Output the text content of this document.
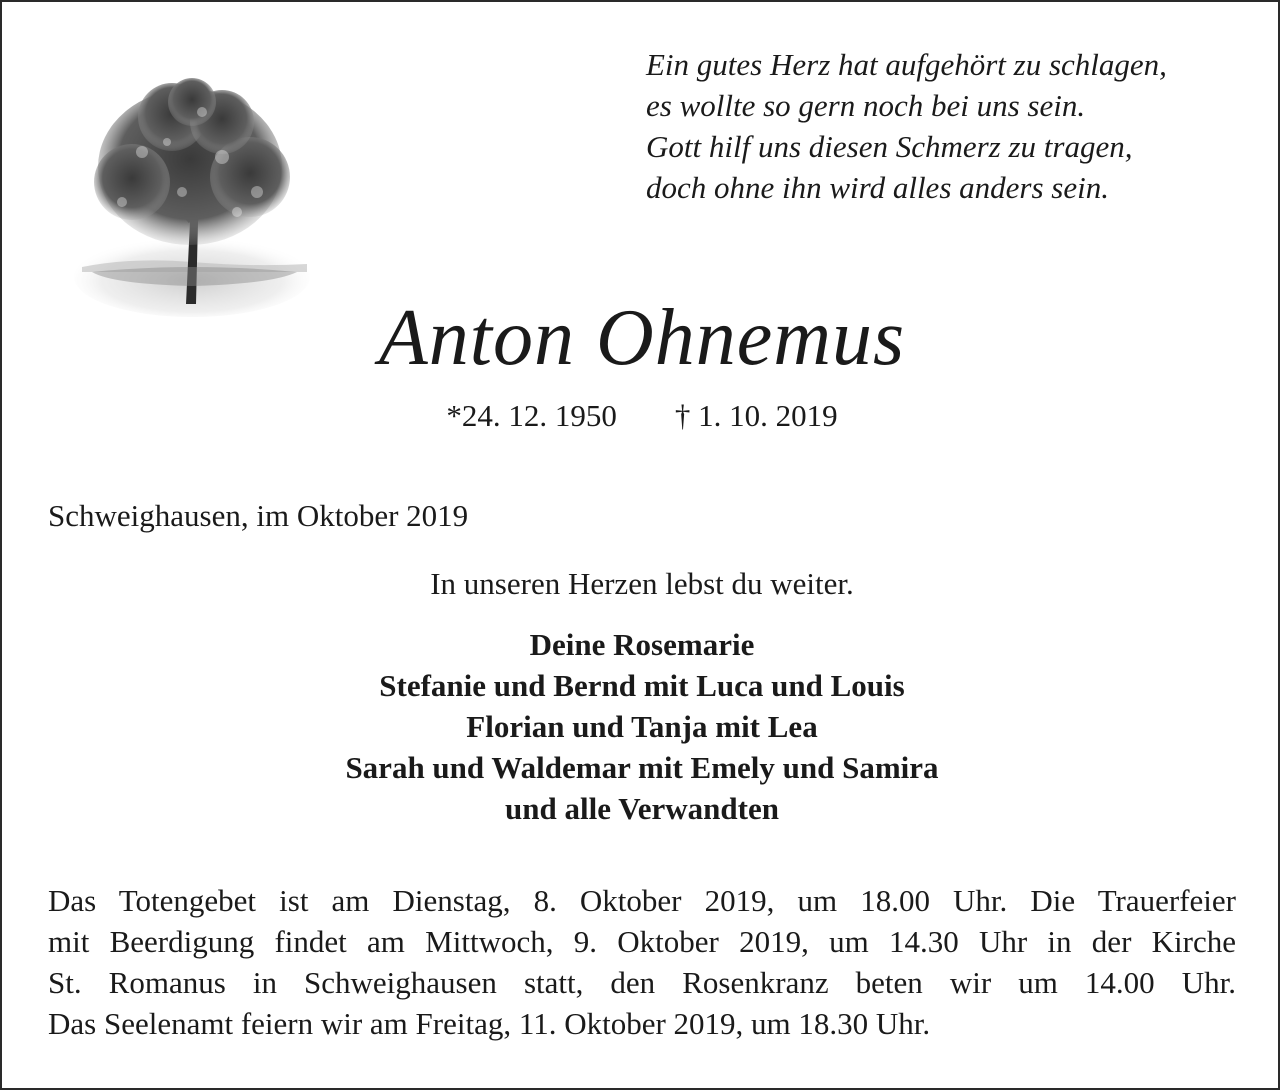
Ein gutes Herz hat aufgehört zu schlagen,
es wollte so gern noch bei uns sein.
Gott hilf uns diesen Schmerz zu tragen,
doch ohne ihn wird alles anders sein.
Anton Ohnemus
*24. 12. 1950 † 1. 10. 2019
Schweighausen, im Oktober 2019
In unseren Herzen lebst du weiter.
Deine Rosemarie
Stefanie und Bernd mit Luca und Louis
Florian und Tanja mit Lea
Sarah und Waldemar mit Emely und Samira
und alle Verwandten
Das Totengebet ist am Dienstag, 8. Oktober 2019, um 18.00 Uhr. Die Trauerfeier
mit Beerdigung findet am Mittwoch, 9. Oktober 2019, um 14.30 Uhr in der Kirche
St. Romanus in Schweighausen statt, den Rosenkranz beten wir um 14.00 Uhr.
Das Seelenamt feiern wir am Freitag, 11. Oktober 2019, um 18.30 Uhr.
